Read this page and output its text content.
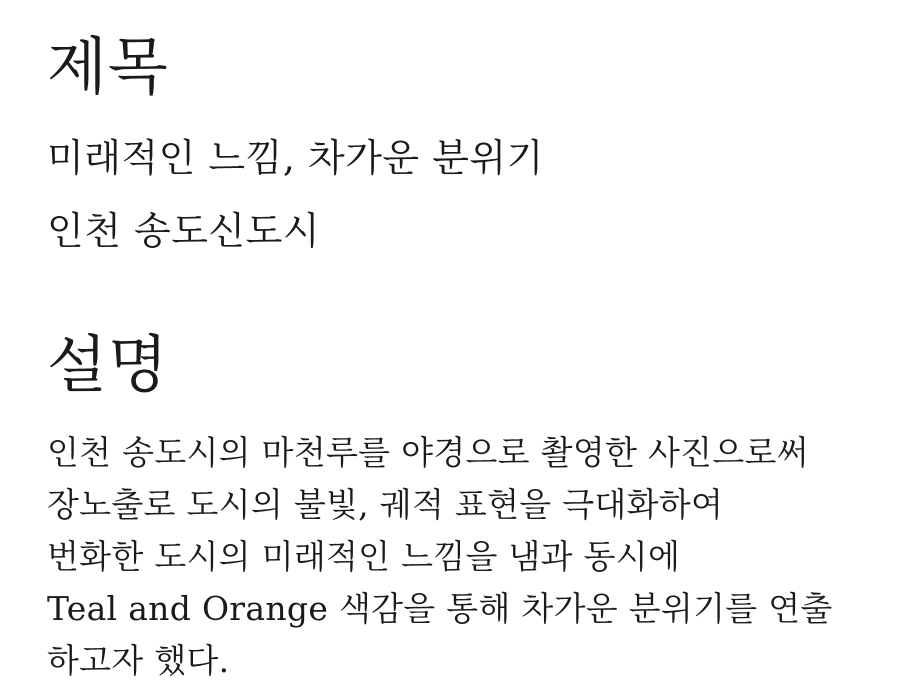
제목

미래적인 느낌, 차가운 분위기

인천 송도신도시

설명

인천 송도시의 마천루를 야경으로 촬영한 사진으로써

장노출로 도시의 불빛, 궤적 표현을 극대화하여

번화한 도시의 미래적인 느낌을 냄과 동시에

Teal and Orange 색감을 통해 차가운 분위기를 연출하고자 했다.
